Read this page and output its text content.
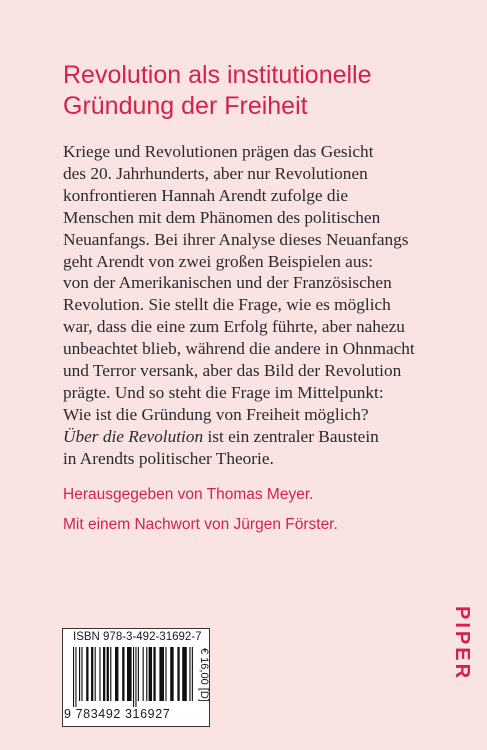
Revolution als institutionelle
Gründung der Freiheit
Kriege und Revolutionen prägen das Gesicht
des 20. Jahrhunderts, aber nur Revolutionen
konfrontieren Hannah Arendt zufolge die
Menschen mit dem Phänomen des politischen
Neuanfangs. Bei ihrer Analyse dieses Neuanfangs
geht Arendt von zwei großen Beispielen aus:
von der Amerikanischen und der Französischen
Revolution. Sie stellt die Frage, wie es möglich
war, dass die eine zum Erfolg führte, aber nahezu
unbeachtet blieb, während die andere in Ohnmacht
und Terror versank, aber das Bild der Revolution
prägte. Und so steht die Frage im Mittelpunkt:
Wie ist die Gründung von Freiheit möglich?
Über die Revolution ist ein zentraler Baustein
in Arendts politischer Theorie.
Herausgegeben von Thomas Meyer.
Mit einem Nachwort von Jürgen Förster.
PIPER
ISBN 978-3-492-31692-7
9 783492 316927
€ 16,00 [D]
